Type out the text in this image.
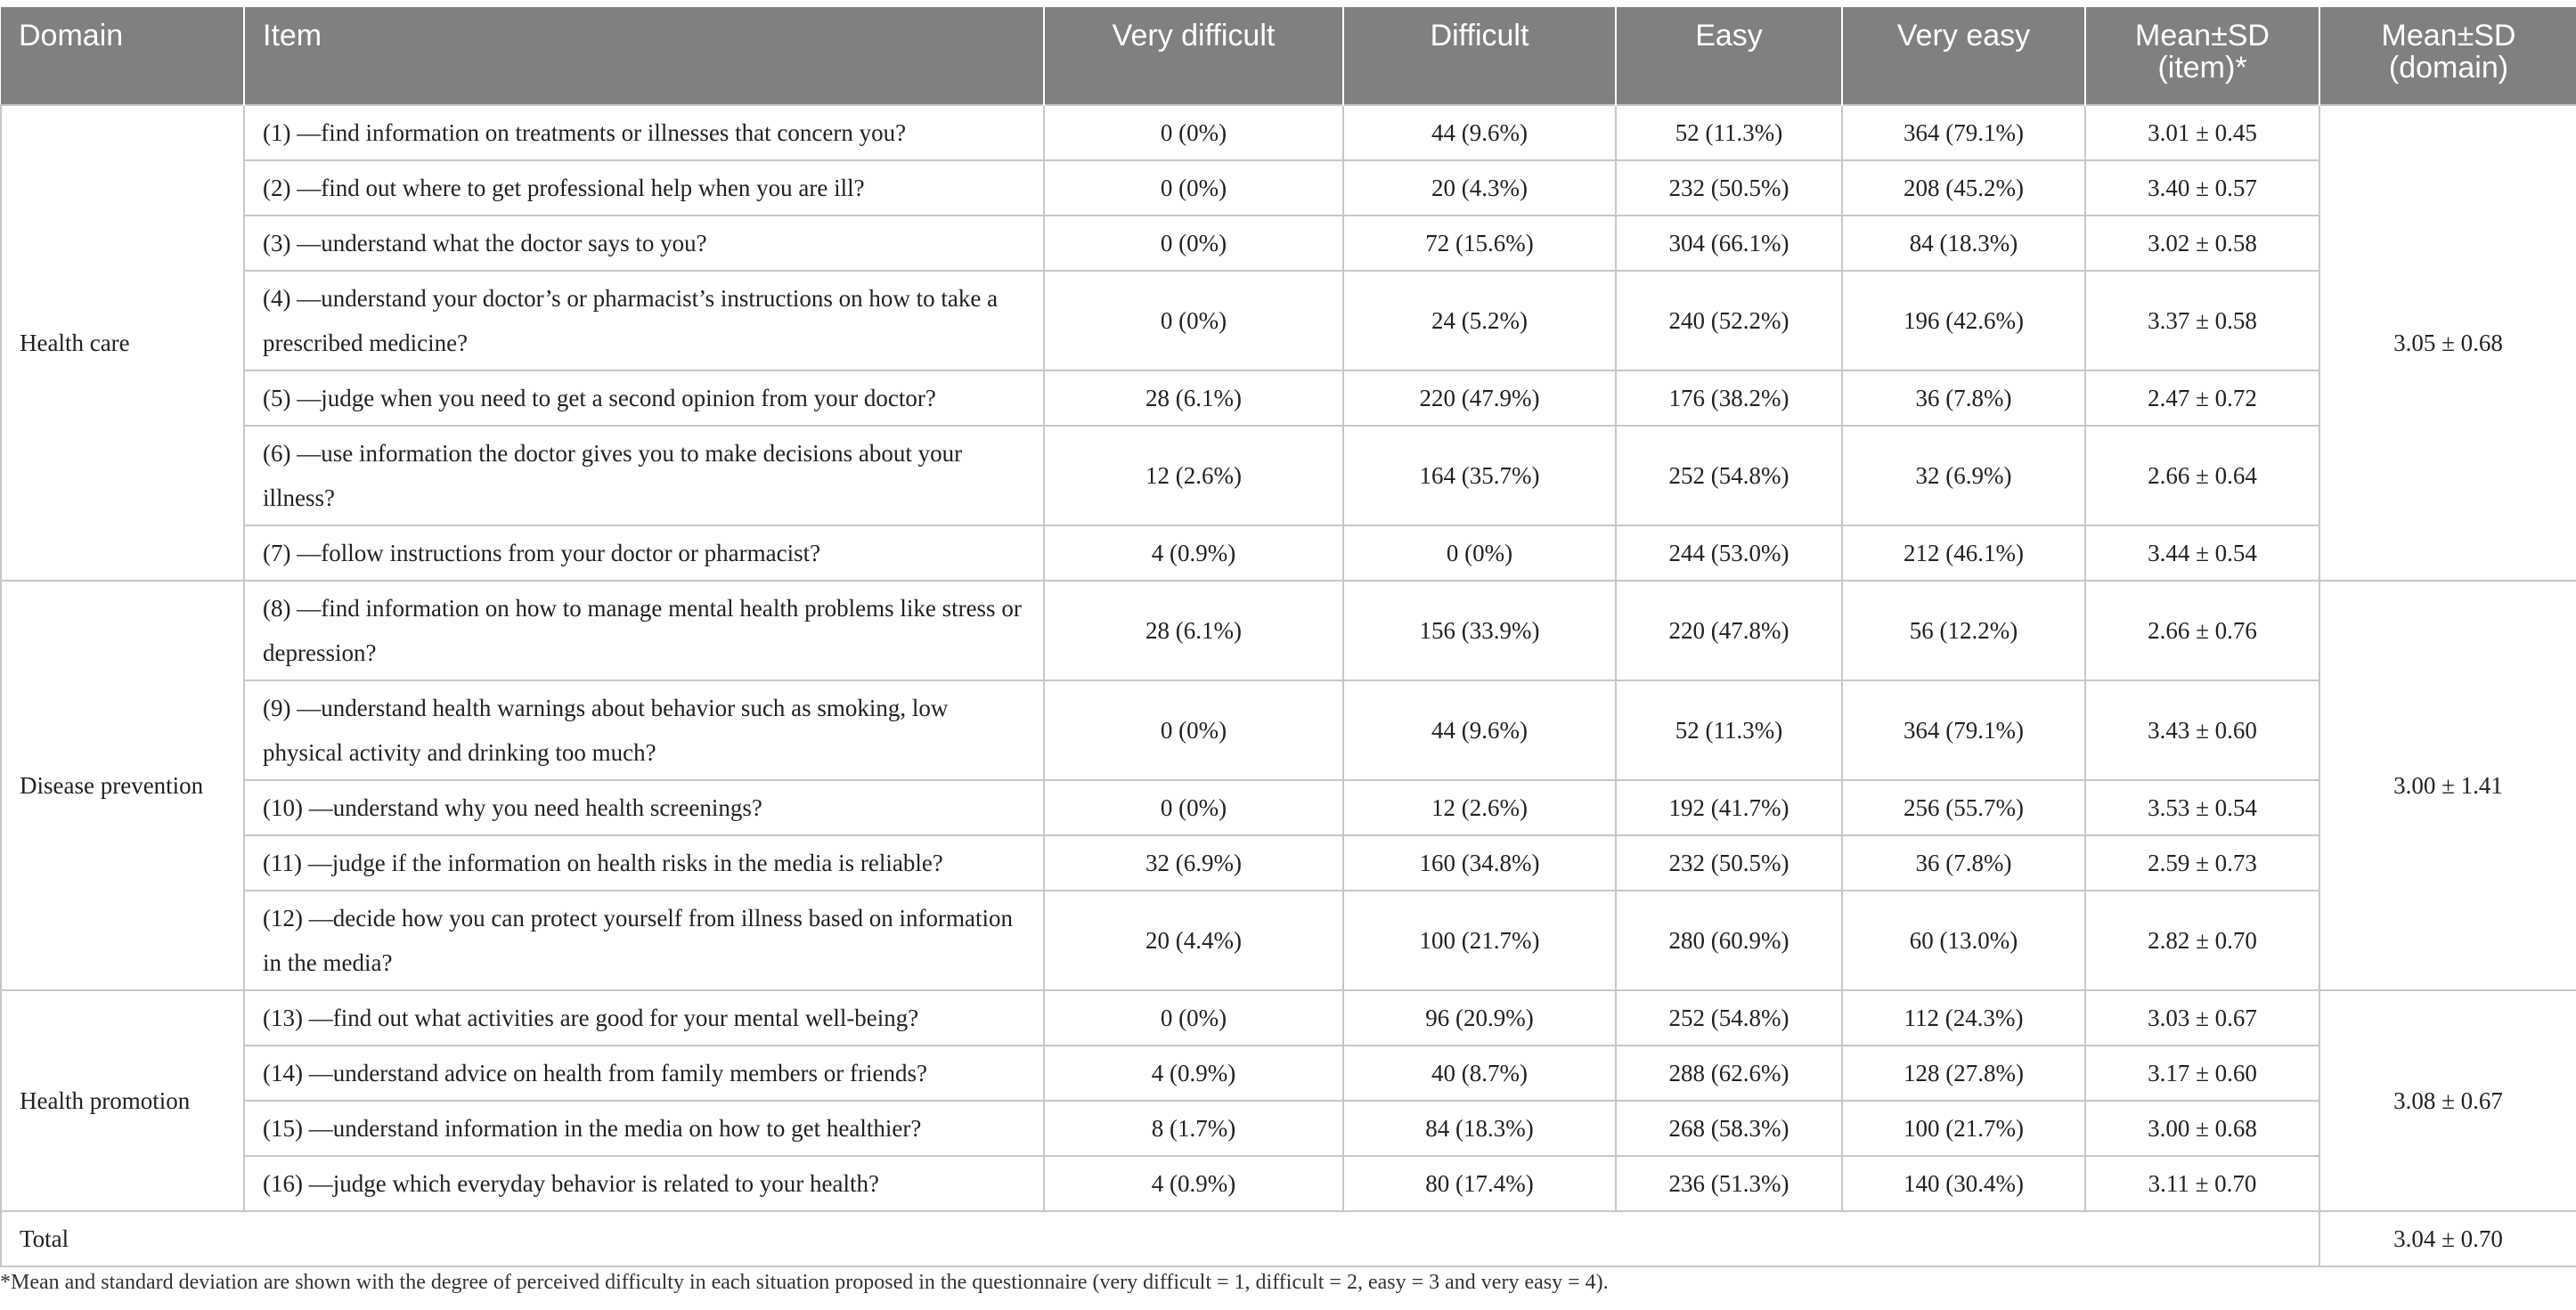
Domain	Item	Very difficult	Difficult	Easy	Very easy	Mean±SD (item)*	Mean±SD (domain)
Health care	(1) —find information on treatments or illnesses that concern you?	0 (0%)	44 (9.6%)	52 (11.3%)	364 (79.1%)	3.01 ± 0.45	3.05 ± 0.68
	(2) —find out where to get professional help when you are ill?	0 (0%)	20 (4.3%)	232 (50.5%)	208 (45.2%)	3.40 ± 0.57	
	(3) —understand what the doctor says to you?	0 (0%)	72 (15.6%)	304 (66.1%)	84 (18.3%)	3.02 ± 0.58	
	(4) —understand your doctor’s or pharmacist’s instructions on how to take a prescribed medicine?	0 (0%)	24 (5.2%)	240 (52.2%)	196 (42.6%)	3.37 ± 0.58	
	(5) —judge when you need to get a second opinion from your doctor?	28 (6.1%)	220 (47.9%)	176 (38.2%)	36 (7.8%)	2.47 ± 0.72	
	(6) —use information the doctor gives you to make decisions about your illness?	12 (2.6%)	164 (35.7%)	252 (54.8%)	32 (6.9%)	2.66 ± 0.64	
	(7) —follow instructions from your doctor or pharmacist?	4 (0.9%)	0 (0%)	244 (53.0%)	212 (46.1%)	3.44 ± 0.54	
Disease prevention	(8) —find information on how to manage mental health problems like stress or depression?	28 (6.1%)	156 (33.9%)	220 (47.8%)	56 (12.2%)	2.66 ± 0.76	3.00 ± 1.41
	(9) —understand health warnings about behavior such as smoking, low physical activity and drinking too much?	0 (0%)	44 (9.6%)	52 (11.3%)	364 (79.1%)	3.43 ± 0.60	
	(10) —understand why you need health screenings?	0 (0%)	12 (2.6%)	192 (41.7%)	256 (55.7%)	3.53 ± 0.54	
	(11) —judge if the information on health risks in the media is reliable?	32 (6.9%)	160 (34.8%)	232 (50.5%)	36 (7.8%)	2.59 ± 0.73	
	(12) —decide how you can protect yourself from illness based on information in the media?	20 (4.4%)	100 (21.7%)	280 (60.9%)	60 (13.0%)	2.82 ± 0.70	
Health promotion	(13) —find out what activities are good for your mental well-being?	0 (0%)	96 (20.9%)	252 (54.8%)	112 (24.3%)	3.03 ± 0.67	3.08 ± 0.67
	(14) —understand advice on health from family members or friends?	4 (0.9%)	40 (8.7%)	288 (62.6%)	128 (27.8%)	3.17 ± 0.60	
	(15) —understand information in the media on how to get healthier?	8 (1.7%)	84 (18.3%)	268 (58.3%)	100 (21.7%)	3.00 ± 0.68	
	(16) —judge which everyday behavior is related to your health?	4 (0.9%)	80 (17.4%)	236 (51.3%)	140 (30.4%)	3.11 ± 0.70	
Total							3.04 ± 0.70
*Mean and standard deviation are shown with the degree of perceived difficulty in each situation proposed in the questionnaire (very difficult = 1, difficult = 2, easy = 3 and very easy = 4).
